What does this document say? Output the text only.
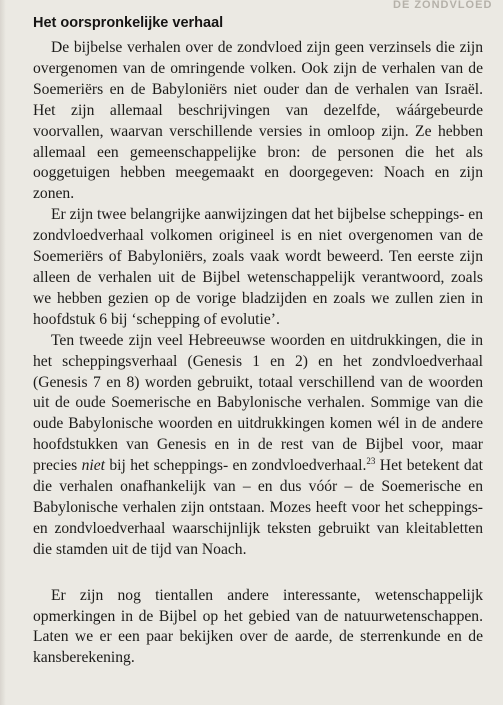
DE ZONDVLOED
Het oorspronkelijke verhaal

De bijbelse verhalen over de zondvloed zijn geen verzinsels die zijn overgenomen van de omringende volken. Ook zijn de verhalen van de Soemeriërs en de Babyloniërs niet ouder dan de verhalen van Israël. Het zijn allemaal beschrijvingen van dezelfde, wáárgebeurde voorvallen, waarvan verschillende versies in omloop zijn. Ze hebben allemaal een gemeenschappelijke bron: de personen die het als ooggetuigen hebben meegemaakt en doorgegeven: Noach en zijn zonen.

Er zijn twee belangrijke aanwijzingen dat het bijbelse scheppings- en zondvloedverhaal volkomen origineel is en niet overgenomen van de Soemeriërs of Babyloniërs, zoals vaak wordt beweerd. Ten eerste zijn alleen de verhalen uit de Bijbel wetenschappelijk verantwoord, zoals we hebben gezien op de vorige bladzijden en zoals we zullen zien in hoofdstuk 6 bij ‘schepping of evolutie’.

Ten tweede zijn veel Hebreeuwse woorden en uitdrukkingen, die in het scheppingsverhaal (Genesis 1 en 2) en het zondvloedverhaal (Genesis 7 en 8) worden gebruikt, totaal verschillend van de woorden uit de oude Soemerische en Babylonische verhalen. Sommige van die oude Babylonische woorden en uitdrukkingen komen wél in de andere hoofdstukken van Genesis en in de rest van de Bijbel voor, maar precies niet bij het scheppings- en zondvloedverhaal.$^{23}$ Het betekent dat die verhalen onafhankelijk van – en dus vóór – de Soemerische en Babylonische verhalen zijn ontstaan. Mozes heeft voor het scheppings- en zondvloedverhaal waarschijnlijk teksten gebruikt van kleitabletten die stamden uit de tijd van Noach.

Er zijn nog tientallen andere interessante, wetenschappelijk opmerkingen in de Bijbel op het gebied van de natuurwetenschappen. Laten we er een paar bekijken over de aarde, de sterrenkunde en de kansberekening.
